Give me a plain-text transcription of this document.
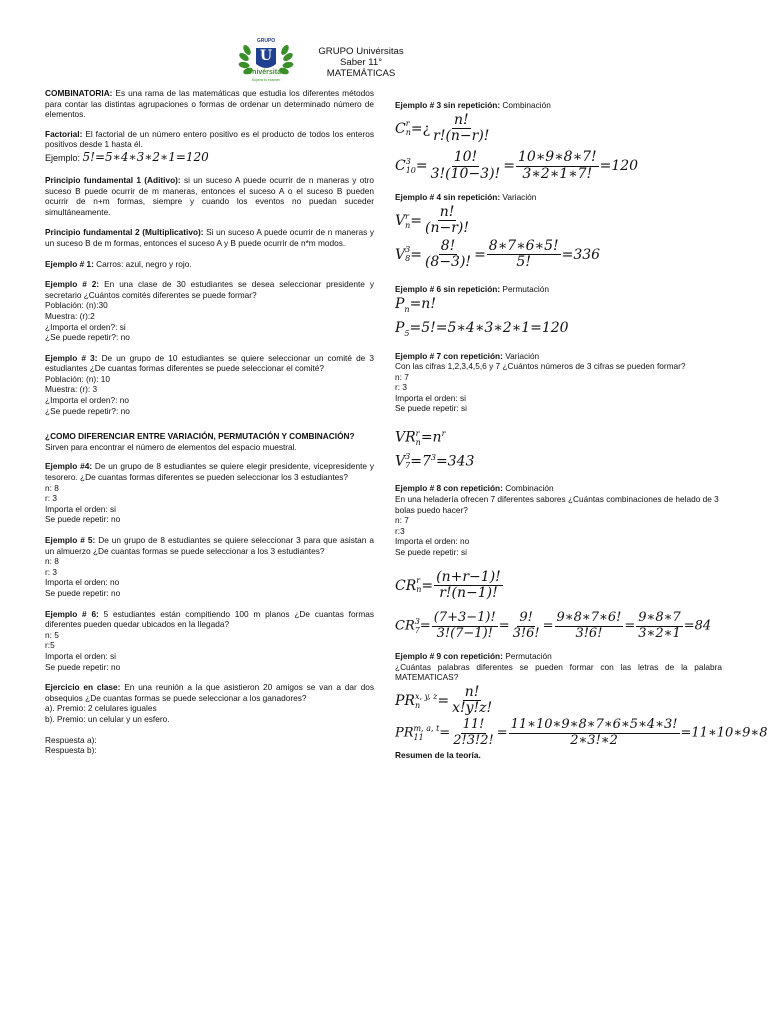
GRUPO
U
Univérsitas
Supera tu examen
GRUPO Univérsitas
Saber 11°
MATEMÁTICAS

COMBINATORIA: Es una rama de las matemáticas que estudia los diferentes métodos para contar las distintas agrupaciones o formas de ordenar un determinado número de elementos.

Factorial: El factorial de un número entero positivo es el producto de todos los enteros positivos desde 1 hasta él.

Ejemplo: 5!=5∗4∗3∗2∗1=120

Principio fundamental 1 (Aditivo): si un suceso A puede ocurrir de n maneras y otro suceso B puede ocurrir de m maneras, entonces el suceso A o el suceso B pueden ocurrir de n+m formas, siempre y cuando los eventos no puedan suceder simultáneamente.

Principio fundamental 2 (Multiplicativo): Si un suceso A puede ocurrir de n maneras y un suceso B de m formas, entonces el suceso A y B puede ocurrir de n*m modos.

Ejemplo # 1: Carros: azul, negro y rojo.

Ejemplo # 2: En una clase de 30 estudiantes se desea seleccionar presidente y secretario ¿Cuántos comités diferentes se puede formar?

Población: (n):30
Muestra: (r):2
¿Importa el orden?: si
¿Se puede repetir?: no

Ejemplo # 3: De un grupo de 10 estudiantes se quiere seleccionar un comité de 3 estudiantes ¿De cuantas formas diferentes se puede seleccionar el comité?

Población: (n): 10
Muestra: (r): 3
¿Importa el orden?: no
¿Se puede repetir?: no

¿COMO DIFERENCIAR ENTRE VARIACIÓN, PERMUTACIÓN Y COMBINACIÓN?

Sirven para encontrar el número de elementos del espacio muestral.

Ejemplo #4: De un grupo de 8 estudiantes se quiere elegir presidente, vicepresidente y tesorero. ¿De cuantas formas diferentes se pueden seleccionar los 3 estudiantes?

n: 8
r: 3
Importa el orden: si
Se puede repetir: no

Ejemplo # 5: De un grupo de 8 estudiantes se quiere seleccionar 3 para que asistan a un almuerzo ¿De cuantas formas se puede seleccionar a los 3 estudiantes?

n: 8
r: 3
Importa el orden: no
Se puede repetir: no

Ejemplo # 6: 5 estudiantes están compitiendo 100 m planos ¿De cuantas formas diferentes pueden quedar ubicados en la llegada?

n: 5
r:5
Importa el orden: si
Se puede repetir: no

Ejercicio en clase: En una reunión a la que asistieron 20 amigos se van a dar dos obsequios ¿De cuantas formas se puede seleccionar a los ganadores?

a). Premio: 2 celulares iguales
b). Premio: un celular y un esfero.

Respuesta a):
Respuesta b):

Ejemplo # 3 sin repetición: Combinación

C r
n =¿ $\frac{n!}{r!(n-r)!}$
C 3
$10 = \frac{10!}{3!(10-3)!} = \frac{10∗9∗8∗7!}{3∗2∗1∗7!} =120$

Ejemplo # 4 sin repetición: Variación

V r
$n = \frac{n!}{(n-r)!}$
V 3
$8 = \frac{8!}{(8-3)!} = \frac{8∗7∗6∗5!}{5!} =336$

Ejemplo # 6 sin repetición: Permutación

$P_n=n$!
$P_5=5!=5∗4∗3∗2∗1=120$

Ejemplo # 7 con repetición: Variación

Con las cifras 1,2,3,4,5,6 y 7 ¿Cuántos números de 3 cifras se pueden formar?
n: 7
r: 3
Importa el orden: si
Se puede repetir: si

VR r
$n =n^r$
V 3
$7 =7^3=343$

Ejemplo # 8 con repetición: Combinación

En una heladería ofrecen 7 diferentes sabores ¿Cuántas combinaciones de helado de 3 bolas puedo hacer?

n: 7
r:3
Importa el orden: no
Se puede repetir: si

CR r
$n = \frac{(n+r-1)!}{r!(n-1)!}$
CR 3
$7 = \frac{(7+3-1)!}{3!(7-1)!} = \frac{9!}{3!6!} = \frac{9∗8∗7∗6!}{3!6!} = \frac{9∗8∗7}{3∗2∗1} =84$

Ejemplo # 9 con repetición: Permutación

¿Cuántas palabras diferentes se pueden formar con las letras de la palabra MATEMATICAS?

PR x, y, z
n	= $\frac{n!}{x!y!z!}$
PR m, a, t
11	= $\frac{11!}{2!3!2!} = \frac{11∗10∗9∗8∗7∗6∗5∗4∗3!}{2∗3!∗2}$ =11∗10∗9∗8

Resumen de la teoría.
